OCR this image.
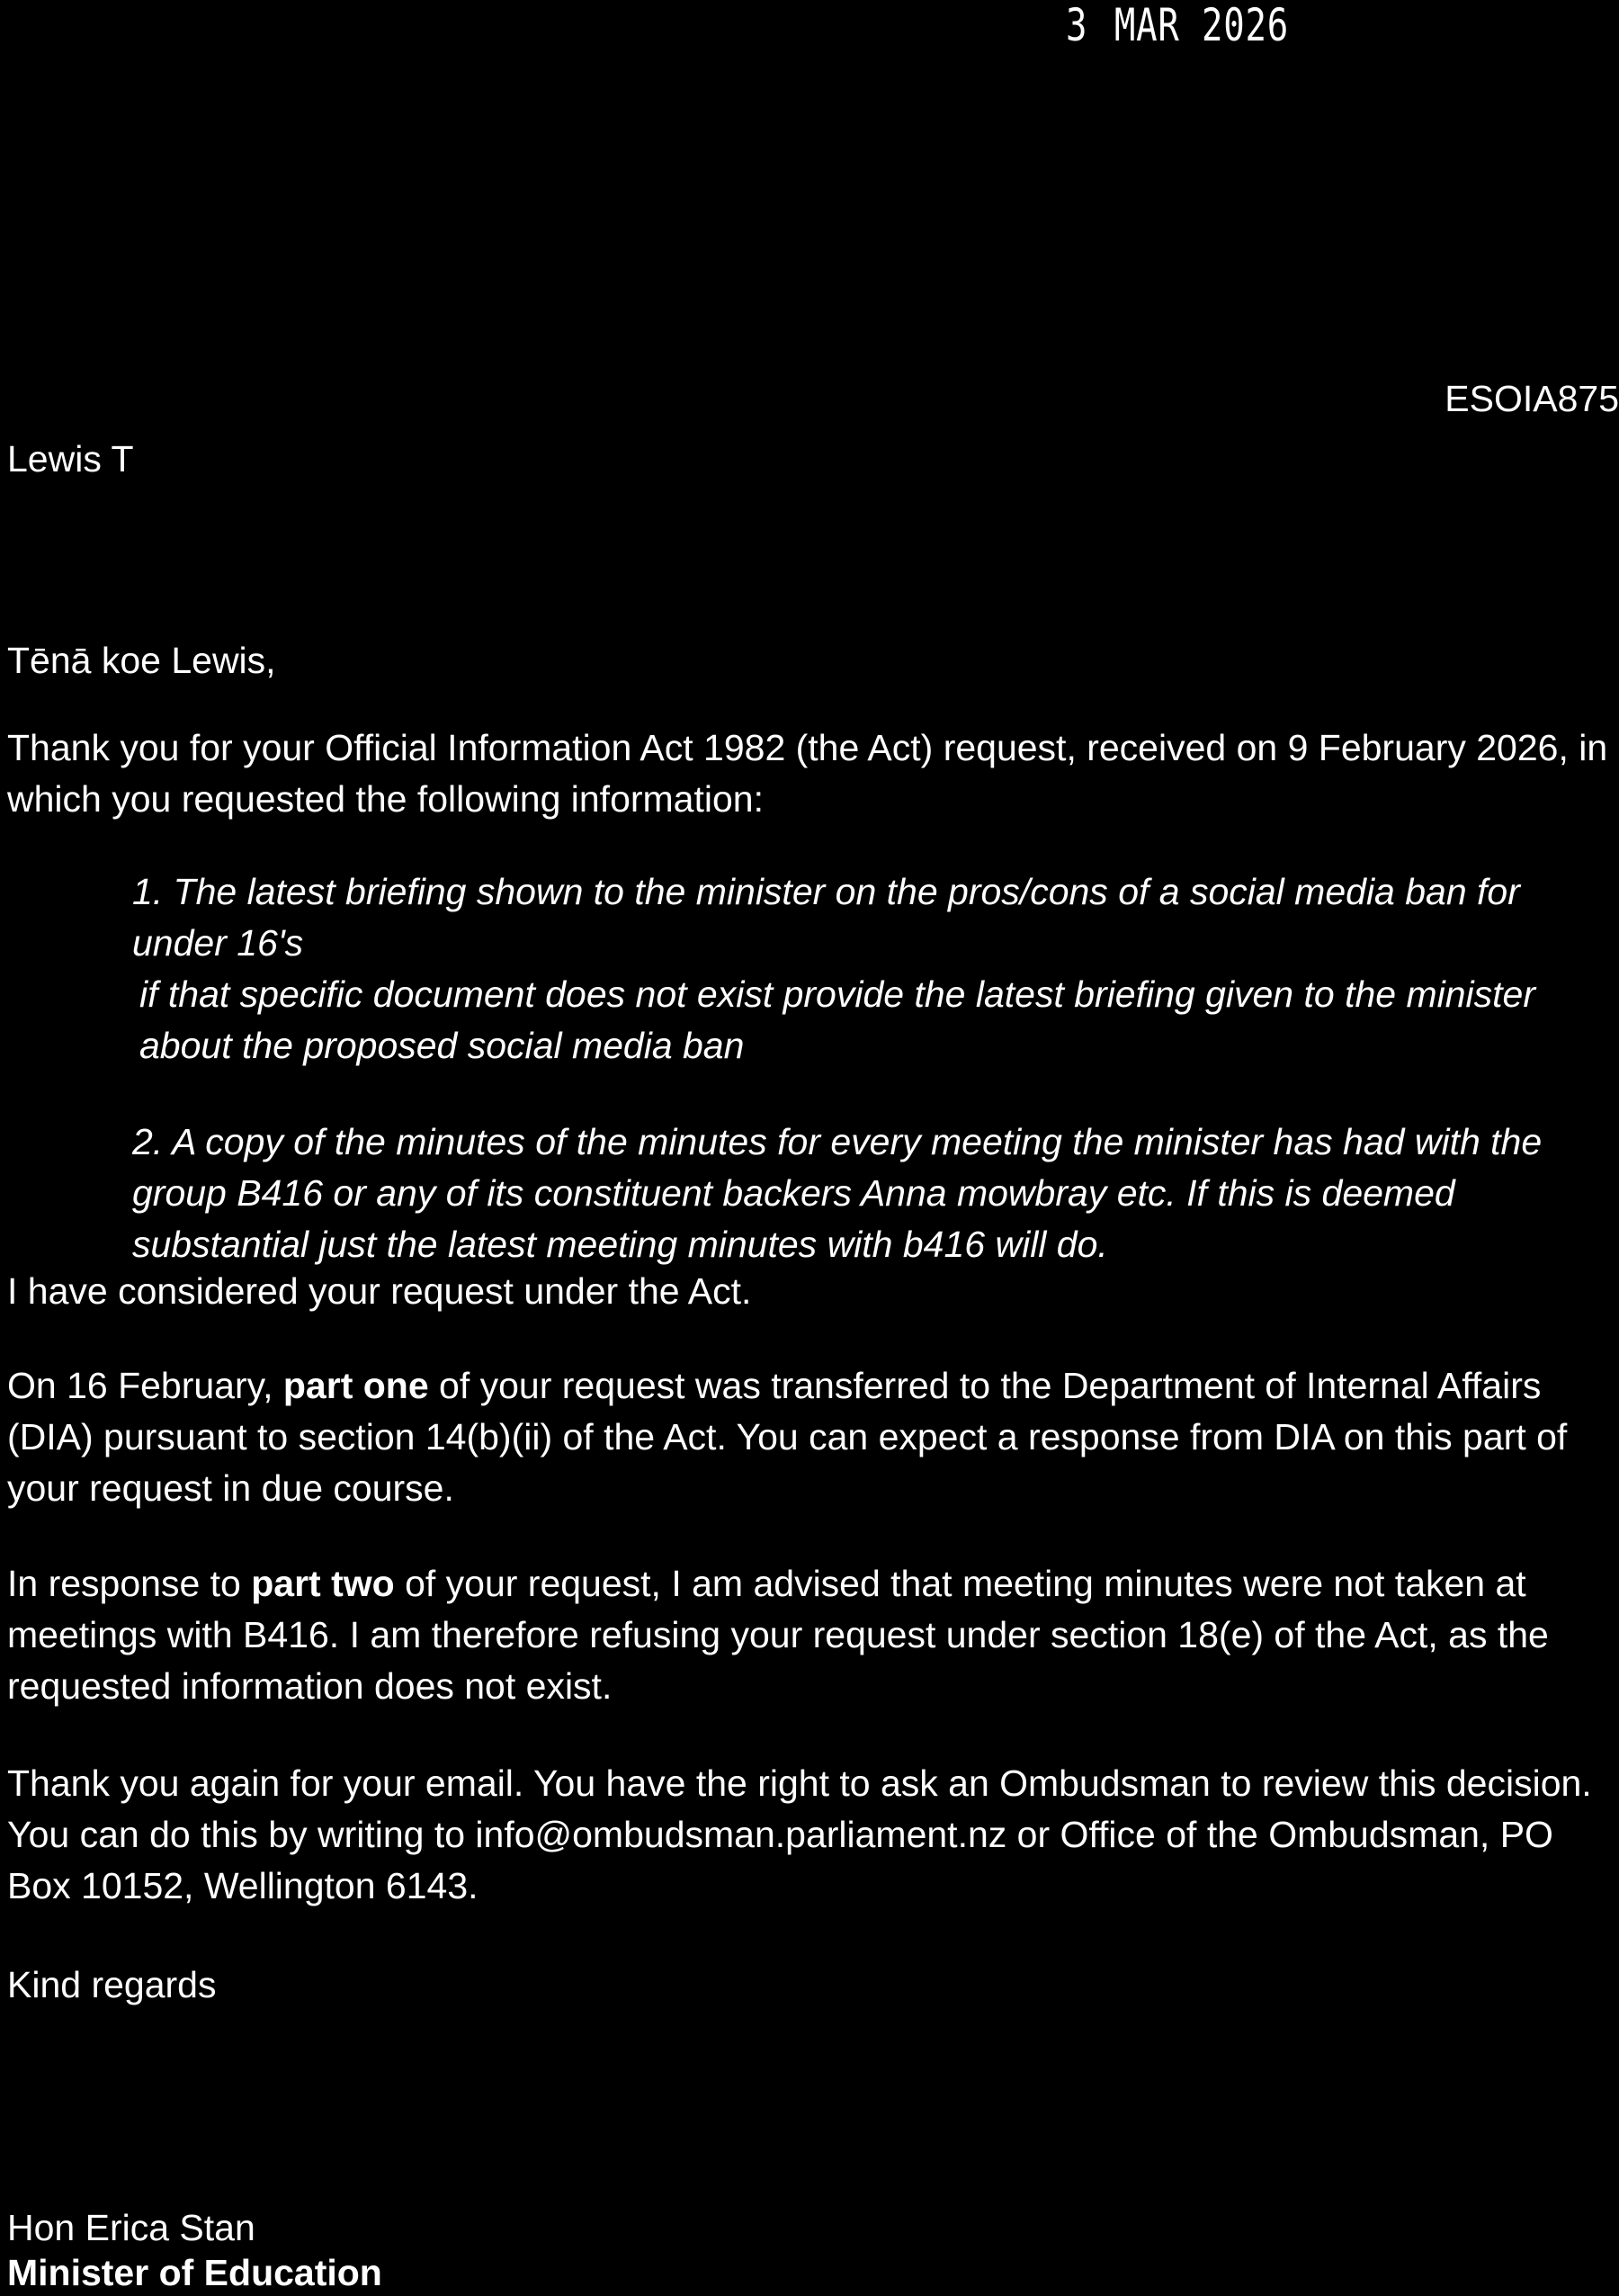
3 MAR 2026
ESOIA875
Lewis T

Tēnā koe Lewis,

Thank you for your Official Information Act 1982 (the Act) request, received on 9 February 2026, in which you requested the following information:

1. The latest briefing shown to the minister on the pros/cons of a social media ban for under 16's

if that specific document does not exist provide the latest briefing given to the minister about the proposed social media ban

2. A copy of the minutes of the minutes for every meeting the minister has had with the group B416 or any of its constituent backers Anna mowbray etc. If this is deemed substantial just the latest meeting minutes with b416 will do.

I have considered your request under the Act.

On 16 February, part one of your request was transferred to the Department of Internal Affairs (DIA) pursuant to section 14(b)(ii) of the Act. You can expect a response from DIA on this part of your request in due course.

In response to part two of your request, I am advised that meeting minutes were not taken at meetings with B416. I am therefore refusing your request under section 18(e) of the Act, as the requested information does not exist.

Thank you again for your email. You have the right to ask an Ombudsman to review this decision. You can do this by writing to info@ombudsman.parliament.nz or Office of the Ombudsman, PO Box 10152, Wellington 6143.

Kind regards

Hon Erica Stan
Minister of Education
